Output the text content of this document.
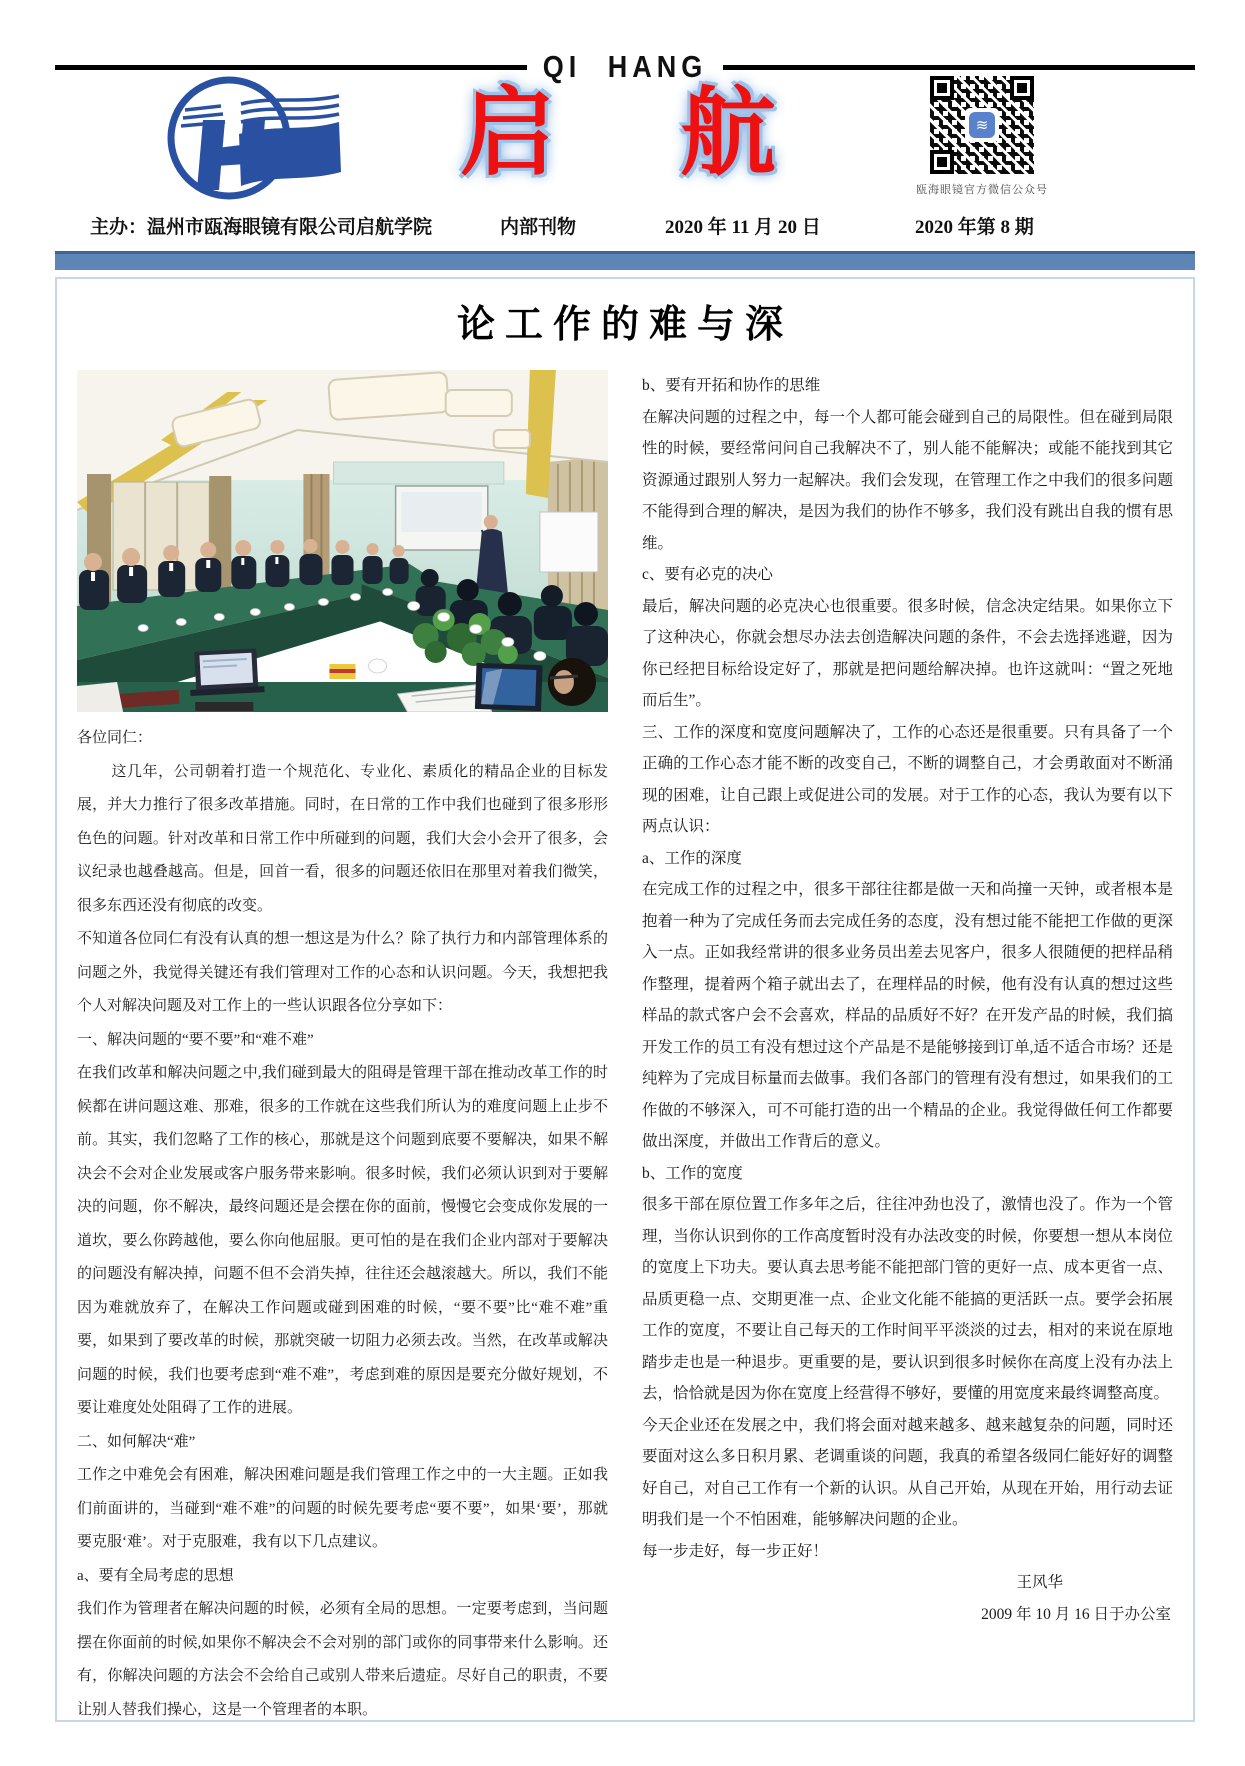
QI HANG
启　航
≋
瓯海眼镜官方微信公众号
主办：温州市瓯海眼镜有限公司启航学院	内部刊物	2020 年 11 月 20 日	2020 年第 8 期
论工作的难与深

各位同仁：

这几年，公司朝着打造一个规范化、专业化、素质化的精品企业的目标发展，并大力推行了很多改革措施。同时，在日常的工作中我们也碰到了很多形形色色的问题。针对改革和日常工作中所碰到的问题，我们大会小会开了很多，会议纪录也越叠越高。但是，回首一看，很多的问题还依旧在那里对着我们微笑，很多东西还没有彻底的改变。

不知道各位同仁有没有认真的想一想这是为什么？除了执行力和内部管理体系的问题之外，我觉得关键还有我们管理对工作的心态和认识问题。今天，我想把我个人对解决问题及对工作上的一些认识跟各位分享如下：

一、解决问题的“要不要”和“难不难”

在我们改革和解决问题之中,我们碰到最大的阻碍是管理干部在推动改革工作的时候都在讲问题这难、那难，很多的工作就在这些我们所认为的难度问题上止步不前。其实，我们忽略了工作的核心，那就是这个问题到底要不要解决，如果不解决会不会对企业发展或客户服务带来影响。很多时候，我们必须认识到对于要解决的问题，你不解决，最终问题还是会摆在你的面前，慢慢它会变成你发展的一道坎，要么你跨越他，要么你向他屈服。更可怕的是在我们企业内部对于要解决的问题没有解决掉，问题不但不会消失掉，往往还会越滚越大。所以，我们不能因为难就放弃了，在解决工作问题或碰到困难的时候，“要不要”比“难不难”重要，如果到了要改革的时候，那就突破一切阻力必须去改。当然，在改革或解决问题的时候，我们也要考虑到“难不难”，考虑到难的原因是要充分做好规划，不要让难度处处阻碍了工作的进展。

二、如何解决“难”

工作之中难免会有困难，解决困难问题是我们管理工作之中的一大主题。正如我们前面讲的，当碰到“难不难”的问题的时候先要考虑“要不要”，如果‘要’，那就要克服‘难’。对于克服难，我有以下几点建议。

a、要有全局考虑的思想

我们作为管理者在解决问题的时候，必须有全局的思想。一定要考虑到，当问题摆在你面前的时候,如果你不解决会不会对别的部门或你的同事带来什么影响。还有，你解决问题的方法会不会给自己或别人带来后遗症。尽好自己的职责，不要让别人替我们操心，这是一个管理者的本职。

b、要有开拓和协作的思维

在解决问题的过程之中，每一个人都可能会碰到自己的局限性。但在碰到局限性的时候，要经常问问自己我解决不了，别人能不能解决；或能不能找到其它资源通过跟别人努力一起解决。我们会发现，在管理工作之中我们的很多问题不能得到合理的解决，是因为我们的协作不够多，我们没有跳出自我的惯有思维。

c、要有必克的决心

最后，解决问题的必克决心也很重要。很多时候，信念决定结果。如果你立下了这种决心，你就会想尽办法去创造解决问题的条件，不会去选择逃避，因为你已经把目标给设定好了，那就是把问题给解决掉。也许这就叫：“置之死地而后生”。

三、工作的深度和宽度问题解决了，工作的心态还是很重要。只有具备了一个正确的工作心态才能不断的改变自己，不断的调整自己，才会勇敢面对不断涌现的困难，让自己跟上或促进公司的发展。对于工作的心态，我认为要有以下两点认识：

a、工作的深度

在完成工作的过程之中，很多干部往往都是做一天和尚撞一天钟，或者根本是抱着一种为了完成任务而去完成任务的态度，没有想过能不能把工作做的更深入一点。正如我经常讲的很多业务员出差去见客户，很多人很随便的把样品稍作整理，提着两个箱子就出去了，在理样品的时候，他有没有认真的想过这些样品的款式客户会不会喜欢，样品的品质好不好？在开发产品的时候，我们搞开发工作的员工有没有想过这个产品是不是能够接到订单,适不适合市场？还是纯粹为了完成目标量而去做事。我们各部门的管理有没有想过，如果我们的工作做的不够深入，可不可能打造的出一个精品的企业。我觉得做任何工作都要做出深度，并做出工作背后的意义。

b、工作的宽度

很多干部在原位置工作多年之后，往往冲劲也没了，激情也没了。作为一个管理，当你认识到你的工作高度暂时没有办法改变的时候，你要想一想从本岗位的宽度上下功夫。要认真去思考能不能把部门管的更好一点、成本更省一点、品质更稳一点、交期更准一点、企业文化能不能搞的更活跃一点。要学会拓展工作的宽度，不要让自己每天的工作时间平平淡淡的过去，相对的来说在原地踏步走也是一种退步。更重要的是，要认识到很多时候你在高度上没有办法上去，恰恰就是因为你在宽度上经营得不够好，要懂的用宽度来最终调整高度。

今天企业还在发展之中，我们将会面对越来越多、越来越复杂的问题，同时还要面对这么多日积月累、老调重谈的问题，我真的希望各级同仁能好好的调整好自己，对自己工作有一个新的认识。从自己开始，从现在开始，用行动去证明我们是一个不怕困难，能够解决问题的企业。

每一步走好，每一步正好！

王风华

2009 年 10 月 16 日于办公室
